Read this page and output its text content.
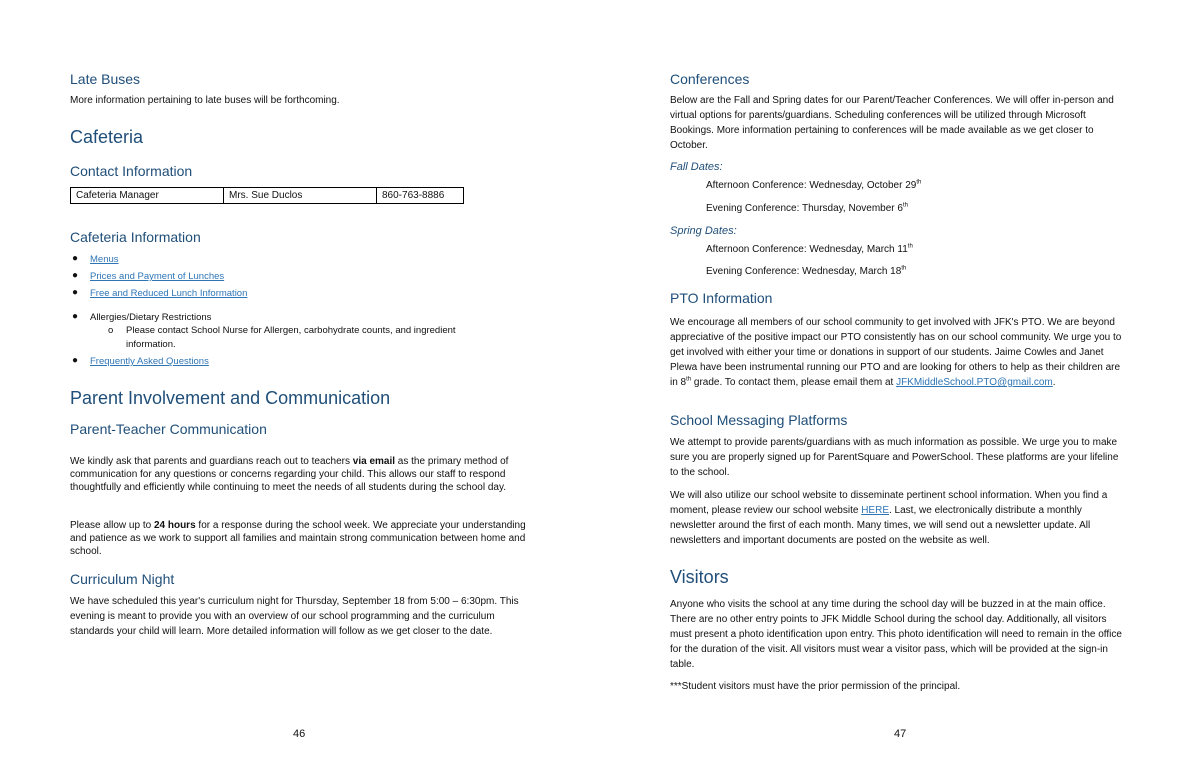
Late Buses
More information pertaining to late buses will be forthcoming.
Cafeteria
Contact Information
Cafeteria Manager	Mrs. Sue Duclos	860-763-8886
Cafeteria Information
● Menus
● Prices and Payment of Lunches
● Free and Reduced Lunch Information
● Allergies/Dietary Restrictions
● Frequently Asked Questions
o Please contact School Nurse for Allergen, carbohydrate counts, and ingredient
information.
Parent Involvement and Communication
Parent-Teacher Communication
We kindly ask that parents and guardians reach out to teachers via email as the primary method of communication for any questions or concerns regarding your child. This allows our staff to respond thoughtfully and efficiently while continuing to meet the needs of all students during the school day.
Please allow up to 24 hours for a response during the school week. We appreciate your understanding and patience as we work to support all families and maintain strong communication between home and school.
Curriculum Night
We have scheduled this year's curriculum night for Thursday, September 18 from 5:00 – 6:30pm. This evening is meant to provide you with an overview of our school programming and the curriculum standards your child will learn. More detailed information will follow as we get closer to the date.
46
Conferences
Below are the Fall and Spring dates for our Parent/Teacher Conferences. We will offer in-person and virtual options for parents/guardians. Scheduling conferences will be utilized through Microsoft Bookings. More information pertaining to conferences will be made available as we get closer to October.
Fall Dates:
Afternoon Conference: Wednesday, October 29th
Evening Conference: Thursday, November 6th
Spring Dates:
Afternoon Conference: Wednesday, March 11th
Evening Conference: Wednesday, March 18th
PTO Information
We encourage all members of our school community to get involved with JFK's PTO. We are beyond appreciative of the positive impact our PTO consistently has on our school community. We urge you to get involved with either your time or donations in support of our students. Jaime Cowles and Janet Plewa have been instrumental running our PTO and are looking for others to help as their children are in 8th grade. To contact them, please email them at JFKMiddleSchool.PTO@gmail.com.
School Messaging Platforms
We attempt to provide parents/guardians with as much information as possible. We urge you to make sure you are properly signed up for ParentSquare and PowerSchool. These platforms are your lifeline to the school.
We will also utilize our school website to disseminate pertinent school information. When you find a moment, please review our school website HERE. Last, we electronically distribute a monthly newsletter around the first of each month. Many times, we will send out a newsletter update. All newsletters and important documents are posted on the website as well.
Visitors
Anyone who visits the school at any time during the school day will be buzzed in at the main office. There are no other entry points to JFK Middle School during the school day. Additionally, all visitors must present a photo identification upon entry. This photo identification will need to remain in the office for the duration of the visit. All visitors must wear a visitor pass, which will be provided at the sign-in table.
***Student visitors must have the prior permission of the principal.
47
